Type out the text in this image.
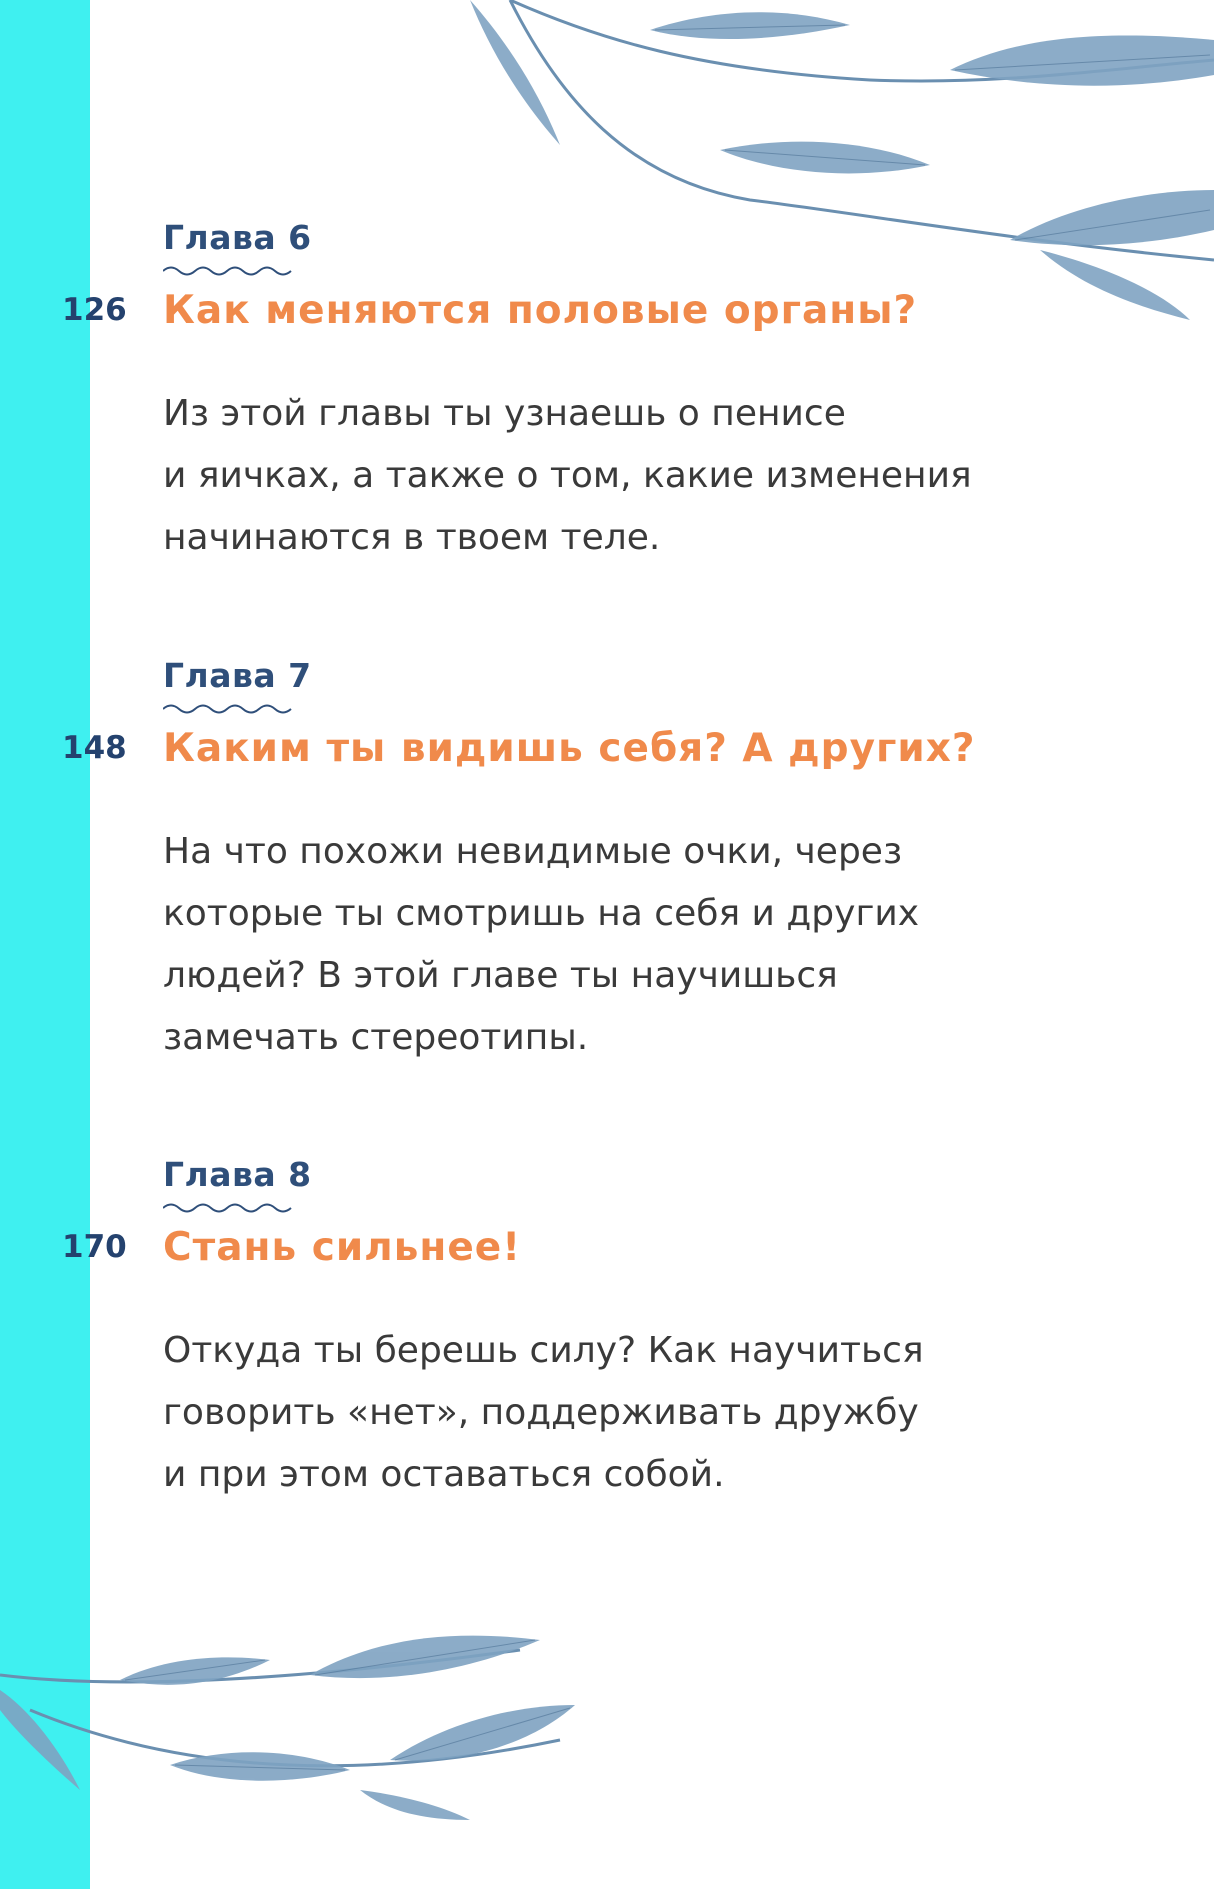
Глава 6
126 Как меняются половые органы?
Из этой главы ты узнаешь о пенисе
и яичках, а также о том, какие изменения
начинаются в твоем теле.
Глава 7
148 Каким ты видишь себя? А других?
На что похожи невидимые очки, через
которые ты смотришь на себя и других
людей? В этой главе ты научишься
замечать стереотипы.
Глава 8
170 Стань сильнее!
Откуда ты берешь силу? Как научиться
говорить «нет», поддерживать дружбу
и при этом оставаться собой.
